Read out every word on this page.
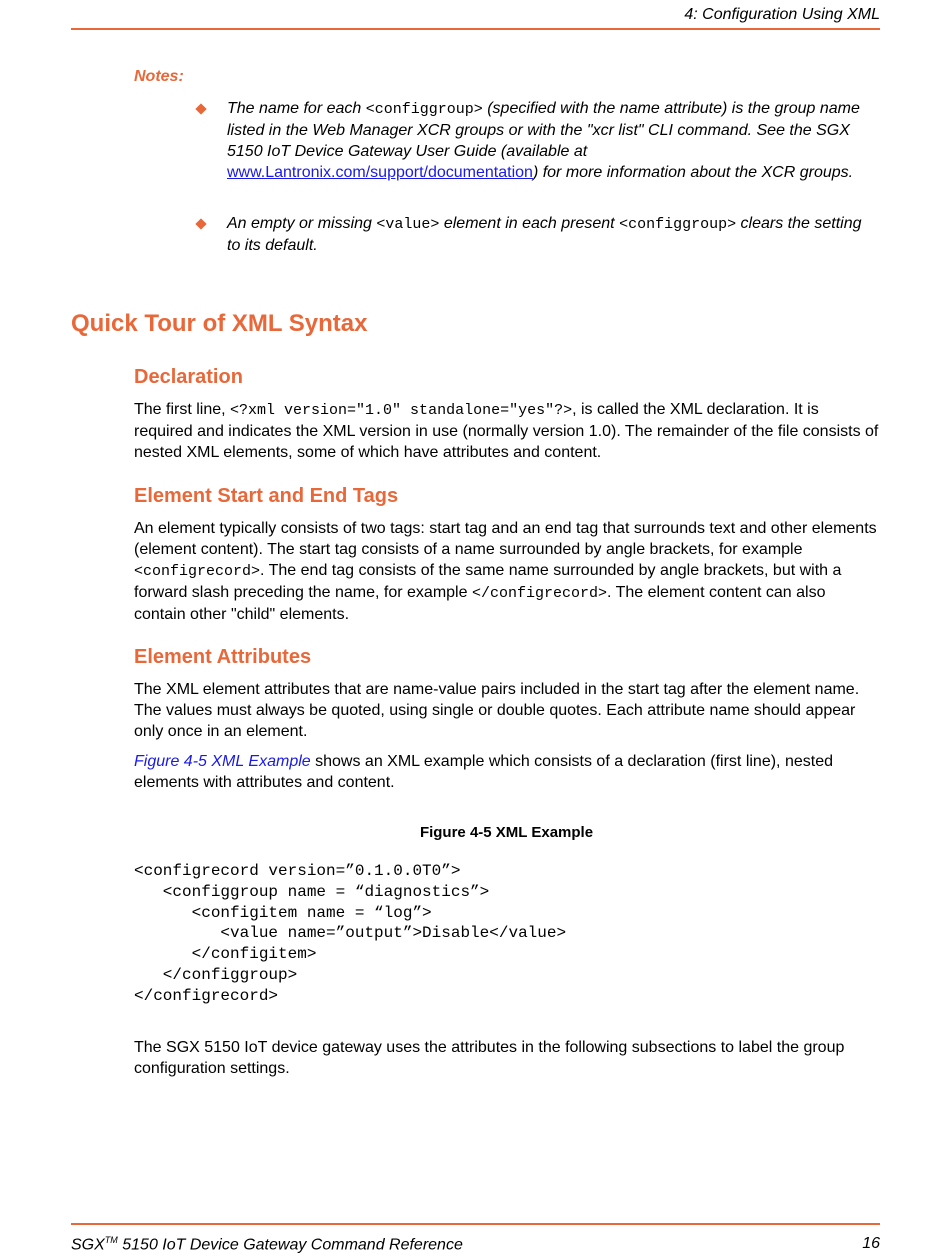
4: Configuration Using XML
Notes:
The name for each <configgroup> (specified with the name attribute) is the group name listed in the Web Manager XCR groups or with the "xcr list" CLI command. See the SGX 5150 IoT Device Gateway User Guide (available at www.Lantronix.com/support/documentation) for more information about the XCR groups.
An empty or missing <value> element in each present <configgroup> clears the setting to its default.
Quick Tour of XML Syntax
Declaration
The first line, <?xml version="1.0" standalone="yes"?>, is called the XML declaration. It is required and indicates the XML version in use (normally version 1.0). The remainder of the file consists of nested XML elements, some of which have attributes and content.
Element Start and End Tags
An element typically consists of two tags: start tag and an end tag that surrounds text and other elements (element content). The start tag consists of a name surrounded by angle brackets, for example <configrecord>. The end tag consists of the same name surrounded by angle brackets, but with a forward slash preceding the name, for example </configrecord>. The element content can also contain other "child" elements.
Element Attributes
The XML element attributes that are name-value pairs included in the start tag after the element name. The values must always be quoted, using single or double quotes. Each attribute name should appear only once in an element.
Figure 4-5 XML Example shows an XML example which consists of a declaration (first line), nested elements with attributes and content.
Figure 4-5 XML Example
<configrecord version=”0.1.0.0T0”>
<configgroup name = “diagnostics”>
<configitem name = “log”>
<value name=”output”>Disable</value>
</configitem>
</configgroup>
</configrecord>
The SGX 5150 IoT device gateway uses the attributes in the following subsections to label the group configuration settings.
SGX™ 5150 IoT Device Gateway Command Reference	16
